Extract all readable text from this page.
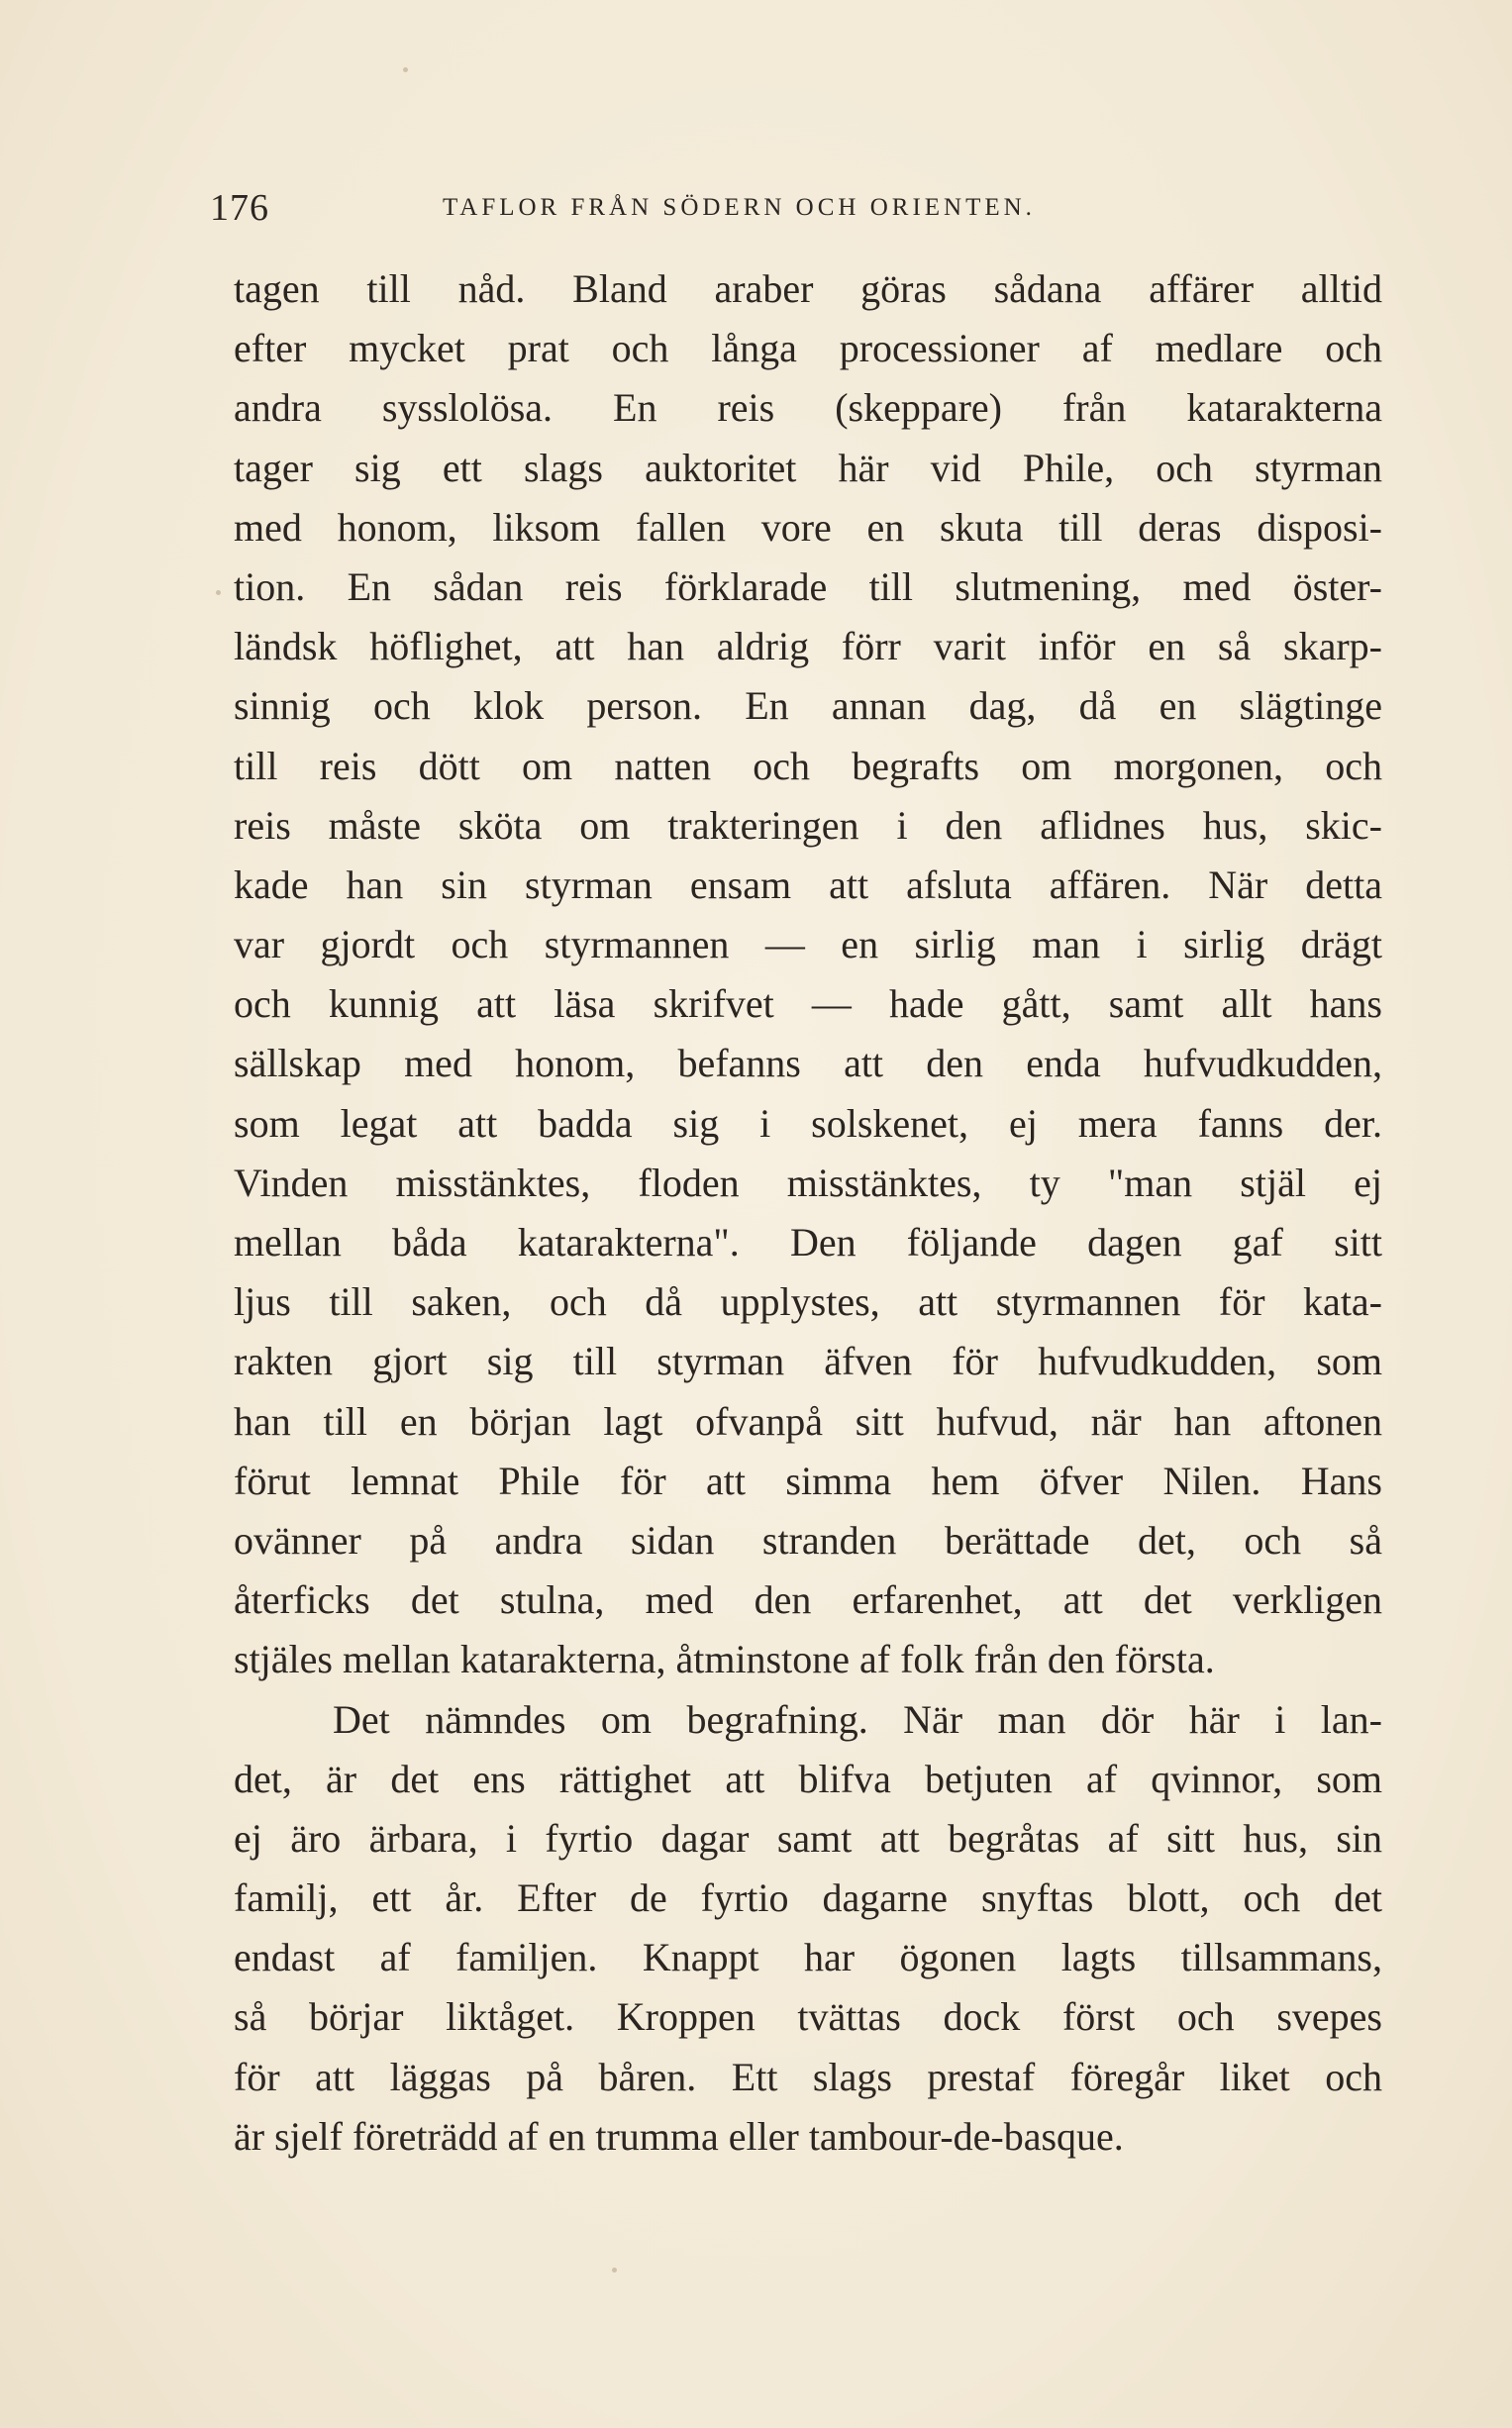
176	TAFLOR FRÅN SÖDERN OCH ORIENTEN.
tagen till nåd. Bland araber göras sådana affärer alltid
efter mycket prat och långa processioner af medlare och
andra sysslolösa. En reis (skeppare) från katarakterna
tager sig ett slags auktoritet här vid Phile, och styrman
med honom, liksom fallen vore en skuta till deras disposi-
tion. En sådan reis förklarade till slutmening, med öster-
ländsk höflighet, att han aldrig förr varit inför en så skarp-
sinnig och klok person. En annan dag, då en slägtinge
till reis dött om natten och begrafts om morgonen, och
reis måste sköta om trakteringen i den aflidnes hus, skic-
kade han sin styrman ensam att afsluta affären. När detta
var gjordt och styrmannen — en sirlig man i sirlig drägt
och kunnig att läsa skrifvet — hade gått, samt allt hans
sällskap med honom, befanns att den enda hufvudkudden,
som legat att badda sig i solskenet, ej mera fanns der.
Vinden misstänktes, floden misstänktes, ty "man stjäl ej
mellan båda katarakterna". Den följande dagen gaf sitt
ljus till saken, och då upplystes, att styrmannen för kata-
rakten gjort sig till styrman äfven för hufvudkudden, som
han till en början lagt ofvanpå sitt hufvud, när han aftonen
förut lemnat Phile för att simma hem öfver Nilen. Hans
ovänner på andra sidan stranden berättade det, och så
återficks det stulna, med den erfarenhet, att det verkligen
stjäles mellan katarakterna, åtminstone af folk från den första.
Det nämndes om begrafning. När man dör här i lan-
det, är det ens rättighet att blifva betjuten af qvinnor, som
ej äro ärbara, i fyrtio dagar samt att begråtas af sitt hus, sin
familj, ett år. Efter de fyrtio dagarne snyftas blott, och det
endast af familjen. Knappt har ögonen lagts tillsammans,
så börjar liktåget. Kroppen tvättas dock först och svepes
för att läggas på båren. Ett slags prestaf föregår liket och
är sjelf företrädd af en trumma eller tambour-de-basque.
